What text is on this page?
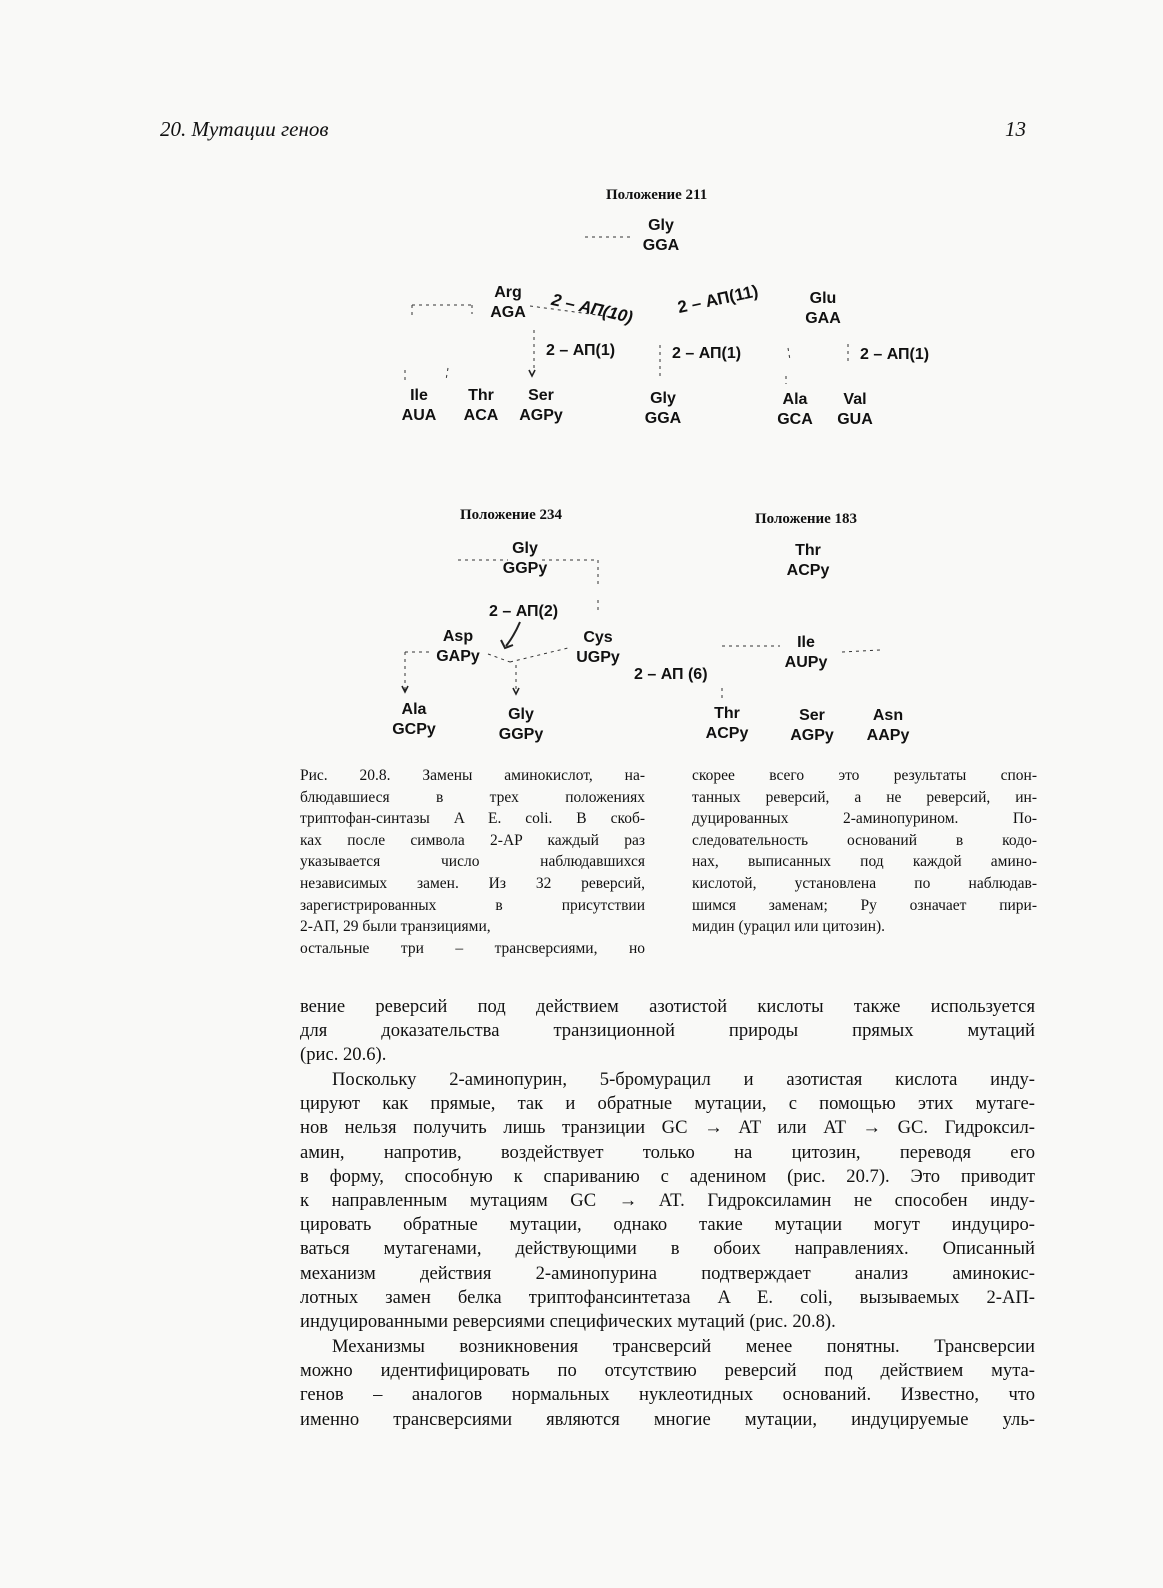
20. Мутации генов	13
Положение 211
Gly
GGA
Arg
AGA
Glu
GAA
2 – АП(10) 2 – АП(11)
2 – АП(1)	2 – АП(1)	2 – АП(1)
Ile
AUA
Thr
ACA
Ser
AGPy
Gly
GGA
Ala
GCA
Val
GUA
Положение 234
Gly
GGPy
2 – АП(2)
Asp
GAPy
Cys
UGPy
Ala
GCPy
Gly
GGPy
Положение 183
Thr
ACPy
Ile
AUPy
2 – АП (6)
Thr
ACPy
Ser
AGPy
Asn
AAPy
Рис. 20.8. Замены аминокислот, на-
блюдавшиеся в трех положениях
триптофан-синтазы A E. coli. В скоб-
ках после символа 2-AP каждый раз
указывается число наблюдавшихся
независимых замен. Из 32 реверсий,
зарегистрированных в присутствии
2-АП, 29 были транзициями,
остальные три – трансверсиями, но
скорее всего это результаты спон-
танных реверсий, а не реверсий, ин-
дуцированных 2-аминопурином. По-
следовательность оснований в кодо-
нах, выписанных под каждой амино-
кислотой, установлена по наблюдав-
шимся заменам; Py означает пири-
мидин (урацил или цитозин).
вение реверсий под действием азотистой кислоты также используется
для доказательства транзиционной природы прямых мутаций
(рис. 20.6).
Поскольку 2-аминопурин, 5-бромурацил и азотистая кислота инду-
цируют как прямые, так и обратные мутации, с помощью этих мутаге-
нов нельзя получить лишь транзиции GC → AT или AT → GC. Гидроксил-
амин, напротив, воздействует только на цитозин, переводя его
в форму, способную к спариванию с аденином (рис. 20.7). Это приводит
к направленным мутациям GC → AT. Гидроксиламин не способен инду-
цировать обратные мутации, однако такие мутации могут индуциро-
ваться мутагенами, действующими в обоих направлениях. Описанный
механизм действия 2-аминопурина подтверждает анализ аминокис-
лотных замен белка триптофансинтетаза A E. coli, вызываемых 2-АП-
индуцированными реверсиями специфических мутаций (рис. 20.8).
Механизмы возникновения трансверсий менее понятны. Трансверсии
можно идентифицировать по отсутствию реверсий под действием мута-
генов – аналогов нормальных нуклеотидных оснований. Известно, что
именно трансверсиями являются многие мутации, индуцируемые уль-
